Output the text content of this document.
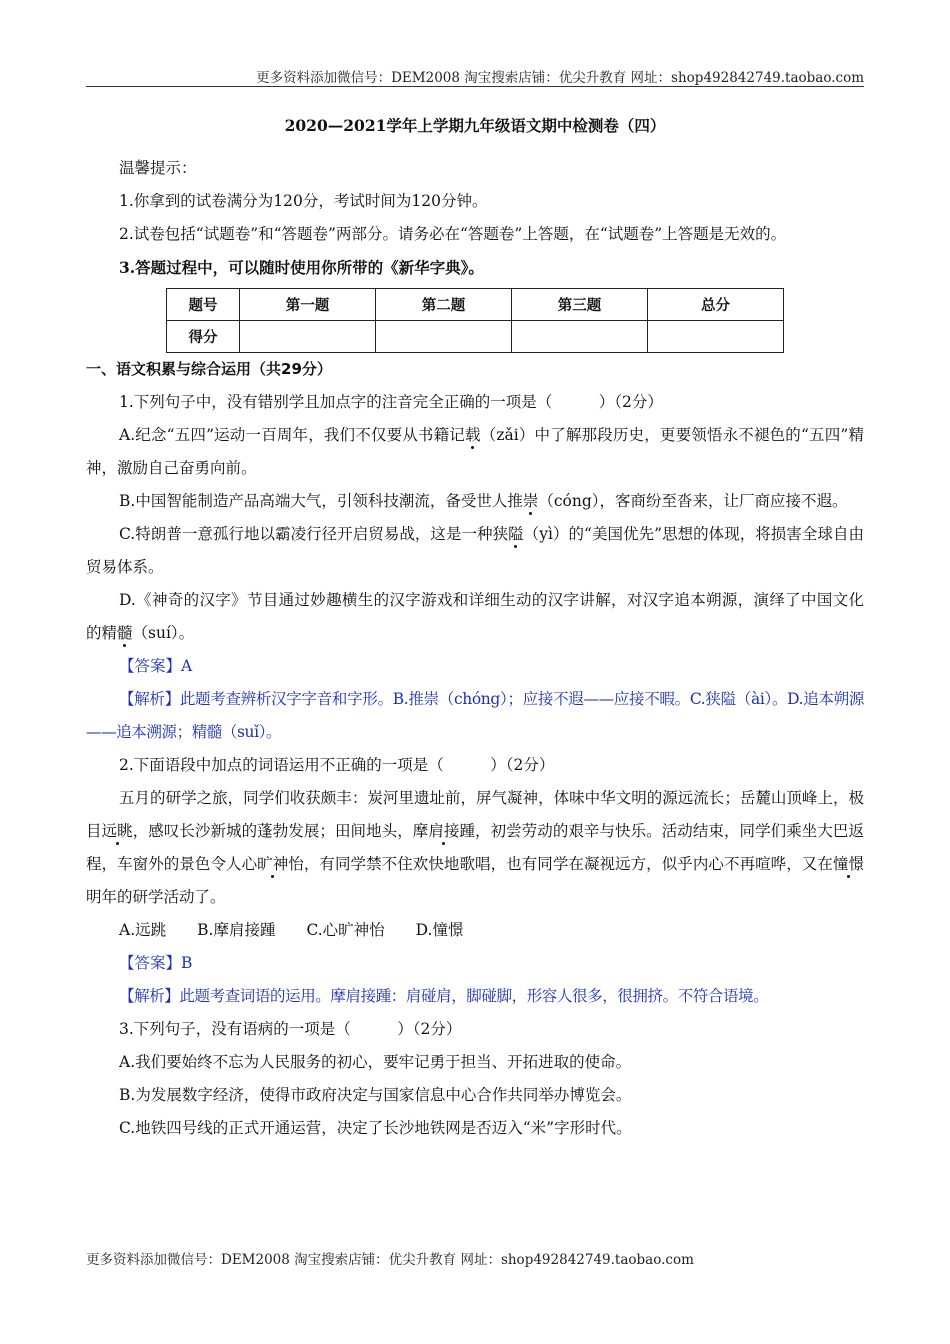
更多资料添加微信号：DEM2008 淘宝搜索店铺：优尖升教育 网址：shop492842749.taobao.com
2020—2021学年上学期九年级语文期中检测卷（四）

温馨提示：

1.你拿到的试卷满分为120分，考试时间为120分钟。

2.试卷包括“试题卷”和“答题卷”两部分。请务必在“答题卷”上答题，在“试题卷”上答题是无效的。

3.答题过程中，可以随时使用你所带的《新华字典》。

题号	第一题	第二题	第三题	总分
得分				
一、语文积累与综合运用（共29分）

1.下列句子中，没有错别学且加点字的注音完全正确的一项是（　　　）（2分）

A.纪念“五四”运动一百周年，我们不仅要从书籍记载（zǎi）中了解那段历史，更要领悟永不褪色的“五四”精神，激励自己奋勇向前。

B.中国智能制造产品高端大气，引领科技潮流，备受世人推崇（cóng），客商纷至沓来，让厂商应接不遐。

C.特朗普一意孤行地以霸凌行径开启贸易战，这是一种狭隘（yì）的“美国优先”思想的体现，将损害全球自由贸易体系。

D.《神奇的汉字》节目通过妙趣横生的汉字游戏和详细生动的汉字讲解，对汉字追本朔源，演绎了中国文化的精髓（suí）。

【答案】A

【解析】此题考查辨析汉字字音和字形。B.推崇（chóng）；应接不遐——应接不暇。C.狭隘（ài）。D.追本朔源——追本溯源；精髓（suǐ）。

2.下面语段中加点的词语运用不正确的一项是（　　　）（2分）

五月的研学之旅，同学们收获颇丰：炭河里遗址前，屏气凝神，体味中华文明的源远流长；岳麓山顶峰上，极目远眺，感叹长沙新城的蓬勃发展；田间地头，摩肩接踵，初尝劳动的艰辛与快乐。活动结束，同学们乘坐大巴返程，车窗外的景色令人心旷神怡，有同学禁不住欢快地歌唱，也有同学在凝视远方，似乎内心不再喧哗，又在憧憬明年的研学活动了。

A.远跳　　B.摩肩接踵　　C.心旷神怡　　D.憧憬

【答案】B

【解析】此题考查词语的运用。摩肩接踵：肩碰肩，脚碰脚，形容人很多，很拥挤。不符合语境。

3.下列句子，没有语病的一项是（　　　）（2分）

A.我们要始终不忘为人民服务的初心，要牢记勇于担当、开拓进取的使命。

B.为发展数字经济，使得市政府决定与国家信息中心合作共同举办博览会。

C.地铁四号线的正式开通运营，决定了长沙地铁网是否迈入“米”字形时代。

更多资料添加微信号：DEM2008 淘宝搜索店铺：优尖升教育 网址：shop492842749.taobao.com
